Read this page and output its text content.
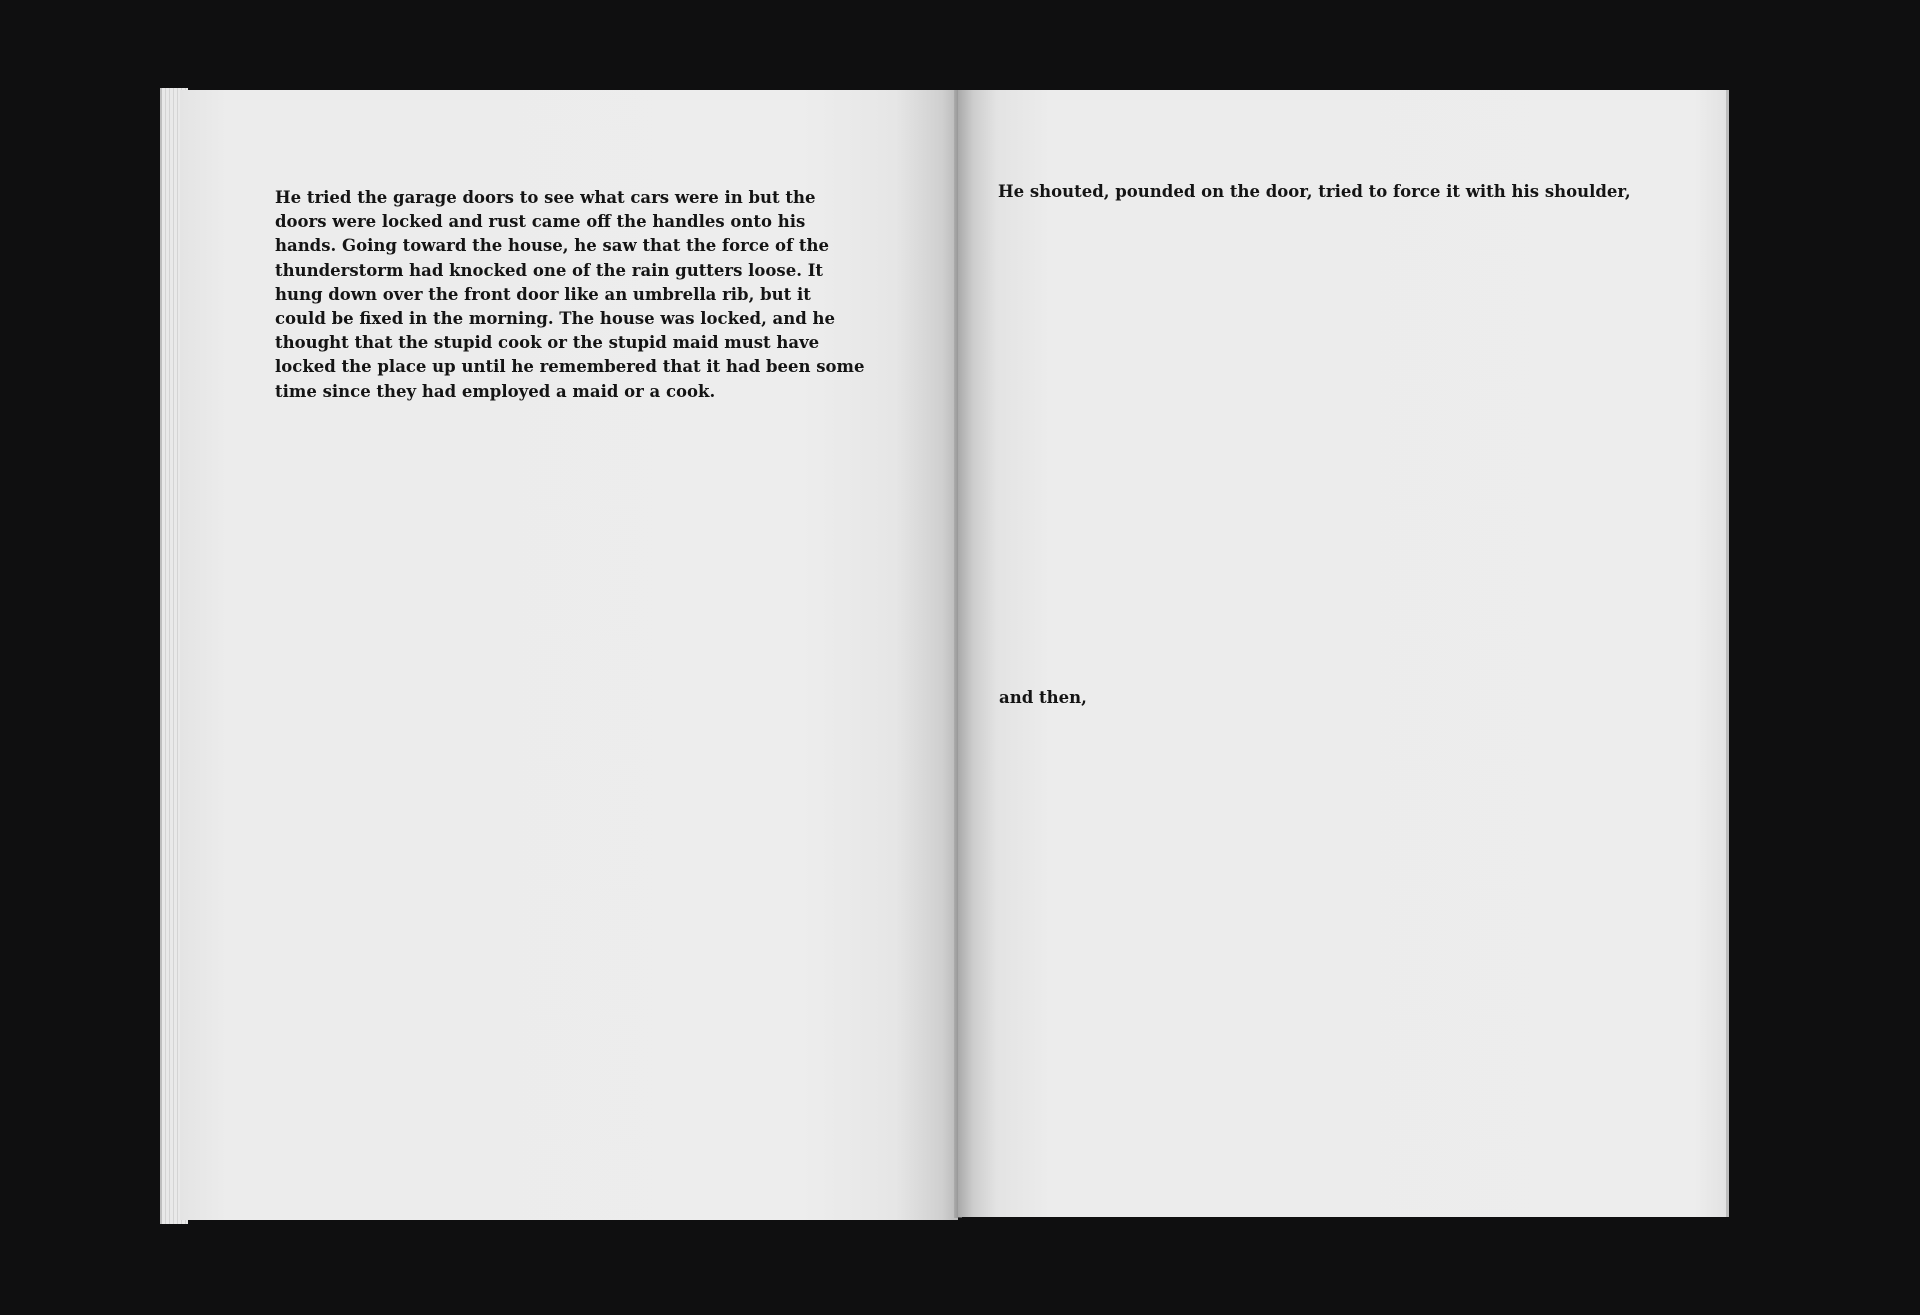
He tried the garage doors to see what cars were in but the doors were locked and rust came off the handles onto his hands. Going toward the house, he saw that the force of the thunderstorm had knocked one of the rain gutters loose. It hung down over the front door like an umbrella rib, but it could be fixed in the morning. The house was locked, and he thought that the stupid cook or the stupid maid must have locked the place up until he remembered that it had been some time since they had employed a maid or a cook.

He shouted, pounded on the door, tried to force it with his shoulder,

and then,
